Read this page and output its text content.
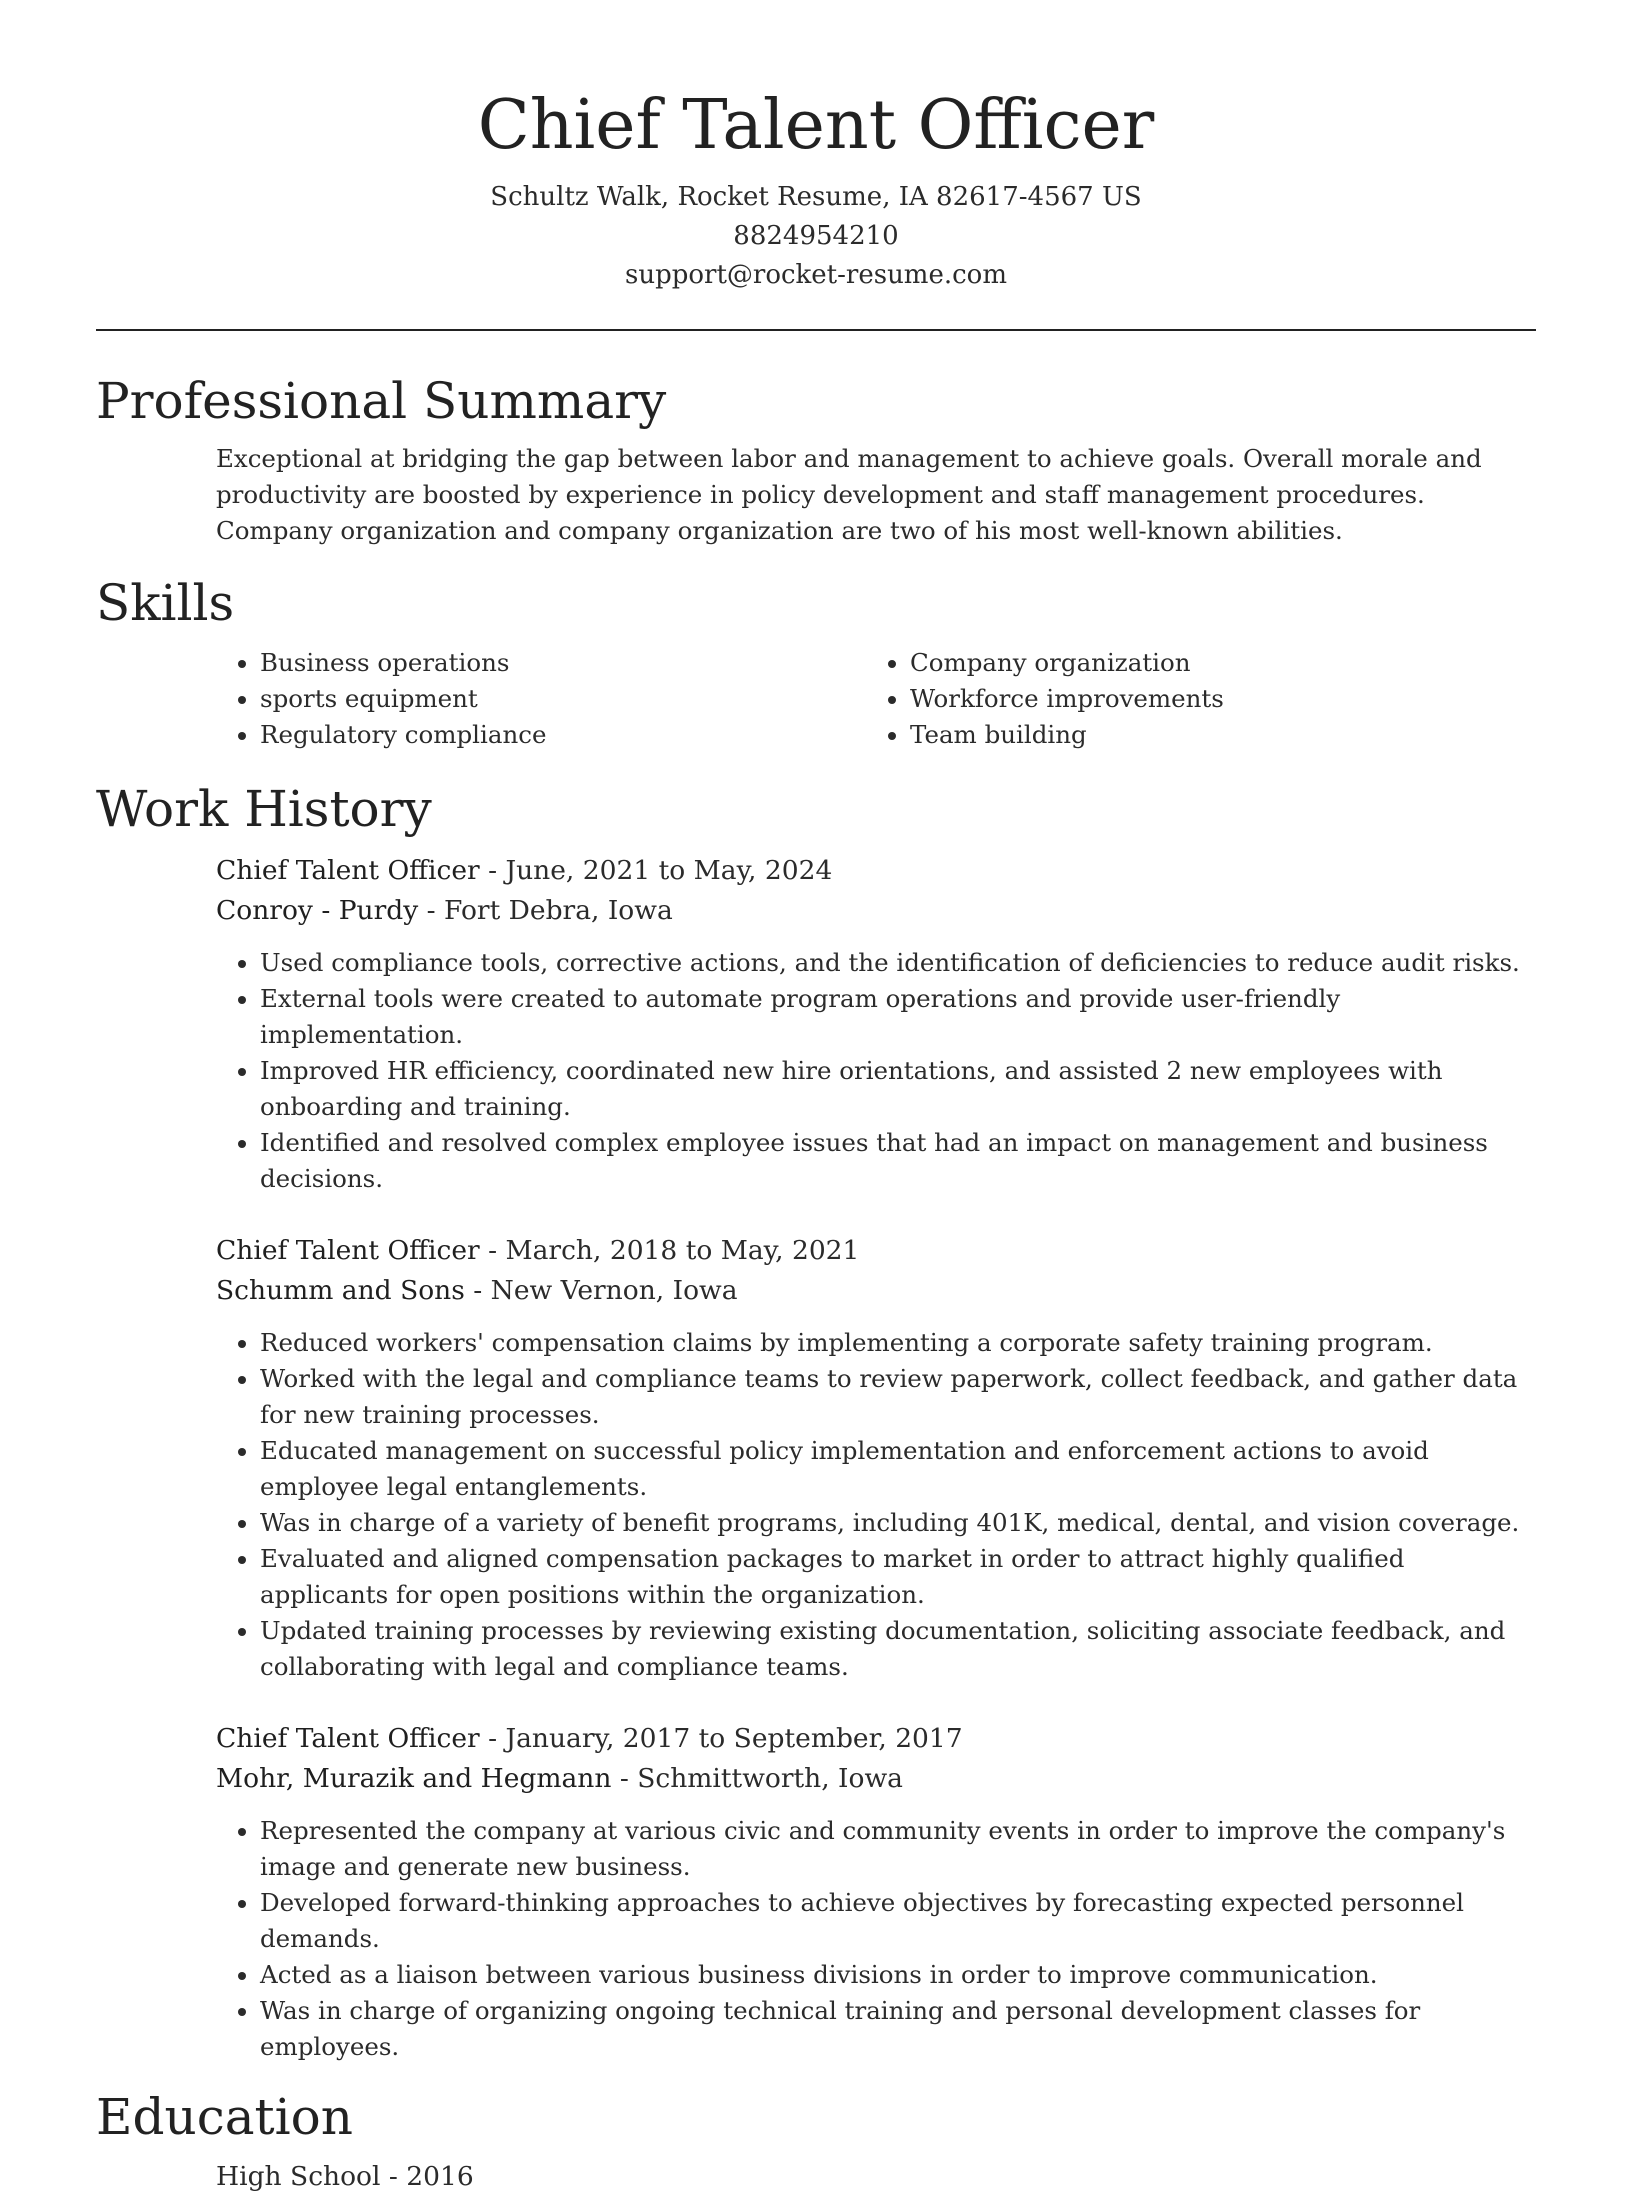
Chief Talent Officer
Schultz Walk, Rocket Resume, IA 82617-4567 US
8824954210
support@rocket-resume.com
Professional Summary
Exceptional at bridging the gap between labor and management to achieve goals. Overall morale and productivity are boosted by experience in policy development and staff management procedures. Company organization and company organization are two of his most well-known abilities.
Skills
• Business operations
• sports equipment
• Regulatory compliance
• Company organization
• Workforce improvements
• Team building
Work History
Chief Talent Officer - June, 2021 to May, 2024
Conroy - Purdy - Fort Debra, Iowa
• Used compliance tools, corrective actions, and the identification of deficiencies to reduce audit risks.
• External tools were created to automate program operations and provide user-friendly implementation.
• Improved HR efficiency, coordinated new hire orientations, and assisted 2 new employees with onboarding and training.
• Identified and resolved complex employee issues that had an impact on management and business decisions.
Chief Talent Officer - March, 2018 to May, 2021
Schumm and Sons - New Vernon, Iowa
• Reduced workers' compensation claims by implementing a corporate safety training program.
• Worked with the legal and compliance teams to review paperwork, collect feedback, and gather data for new training processes.
• Educated management on successful policy implementation and enforcement actions to avoid employee legal entanglements.
• Was in charge of a variety of benefit programs, including 401K, medical, dental, and vision coverage.
• Evaluated and aligned compensation packages to market in order to attract highly qualified applicants for open positions within the organization.
• Updated training processes by reviewing existing documentation, soliciting associate feedback, and collaborating with legal and compliance teams.
Chief Talent Officer - January, 2017 to September, 2017
Mohr, Murazik and Hegmann - Schmittworth, Iowa
• Represented the company at various civic and community events in order to improve the company's image and generate new business.
• Developed forward-thinking approaches to achieve objectives by forecasting expected personnel demands.
• Acted as a liaison between various business divisions in order to improve communication.
• Was in charge of organizing ongoing technical training and personal development classes for employees.
Education
High School - 2016
